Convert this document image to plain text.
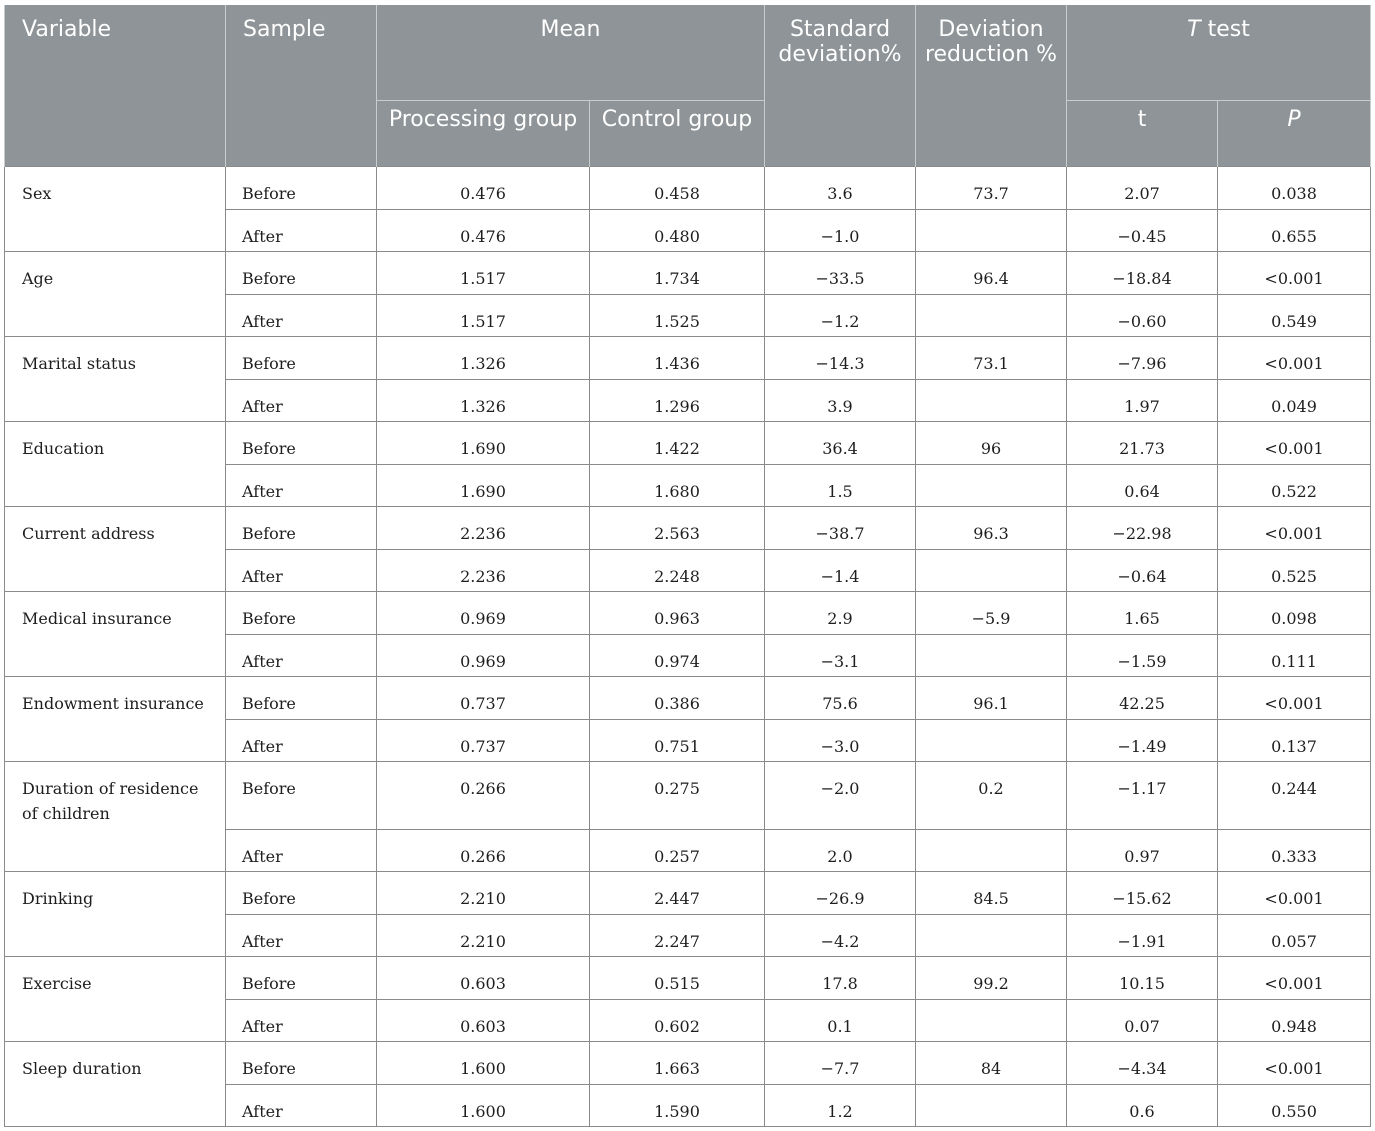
Variable	Sample	Mean		Standard deviation%	Deviation reduction %	T test	
		Processing group	Control group			t	P
Sex	Before	0.476	0.458	3.6	73.7	2.07	0.038
	After	0.476	0.480	−1.0		−0.45	0.655
Age	Before	1.517	1.734	−33.5	96.4	−18.84	<0.001
	After	1.517	1.525	−1.2		−0.60	0.549
Marital status	Before	1.326	1.436	−14.3	73.1	−7.96	<0.001
	After	1.326	1.296	3.9		1.97	0.049
Education	Before	1.690	1.422	36.4	96	21.73	<0.001
	After	1.690	1.680	1.5		0.64	0.522
Current address	Before	2.236	2.563	−38.7	96.3	−22.98	<0.001
	After	2.236	2.248	−1.4		−0.64	0.525
Medical insurance	Before	0.969	0.963	2.9	−5.9	1.65	0.098
	After	0.969	0.974	−3.1		−1.59	0.111
Endowment insurance	Before	0.737	0.386	75.6	96.1	42.25	<0.001
	After	0.737	0.751	−3.0		−1.49	0.137
Duration of residence of children	Before	0.266	0.275	−2.0	0.2	−1.17	0.244
	After	0.266	0.257	2.0		0.97	0.333
Drinking	Before	2.210	2.447	−26.9	84.5	−15.62	<0.001
	After	2.210	2.247	−4.2		−1.91	0.057
Exercise	Before	0.603	0.515	17.8	99.2	10.15	<0.001
	After	0.603	0.602	0.1		0.07	0.948
Sleep duration	Before	1.600	1.663	−7.7	84	−4.34	<0.001
	After	1.600	1.590	1.2		0.6	0.550
